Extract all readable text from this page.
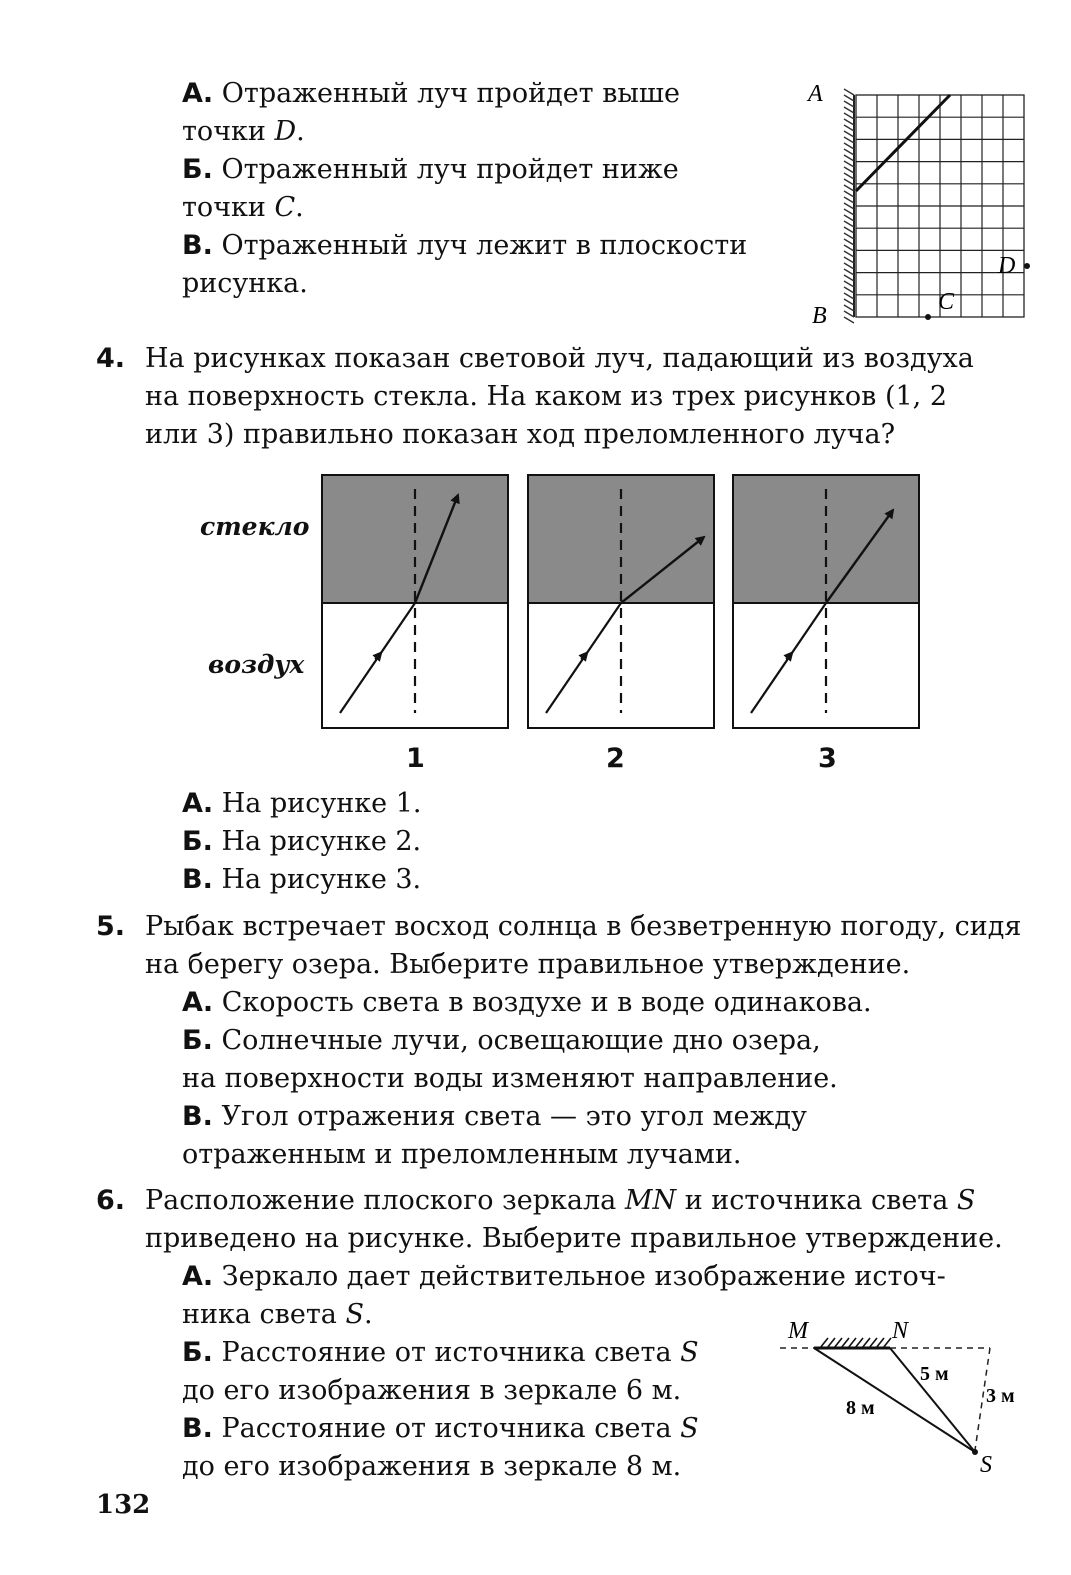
А. Отраженный луч пройдет выше
точки D.
Б. Отраженный луч пройдет ниже
точки C.
В. Отраженный луч лежит в плоскости
рисунка.
A
B
C
D
4. На рисунках показан световой луч, падающий из воздуха
на поверхность стекла. На каком из трех рисунков (1, 2
или 3) правильно показан ход преломленного луча?
стекло
воздух
1	2	3
А. На рисунке 1.
Б. На рисунке 2.
В. На рисунке 3.
5. Рыбак встречает восход солнца в безветренную погоду, сидя
на берегу озера. Выберите правильное утверждение.
А. Скорость света в воздухе и в воде одинакова.
Б. Солнечные лучи, освещающие дно озера,
на поверхности воды изменяют направление.
В. Угол отражения света — это угол между
отраженным и преломленным лучами.
6. Расположение плоского зеркала MN и источника света S
приведено на рисунке. Выберите правильное утверждение.
А. Зеркало дает действительное изображение источ-
ника света S.
Б. Расстояние от источника света S
до его изображения в зеркале 6 м.
В. Расстояние от источника света S
до его изображения в зеркале 8 м.
M	N
S
5 м
8 м
3 м
132
